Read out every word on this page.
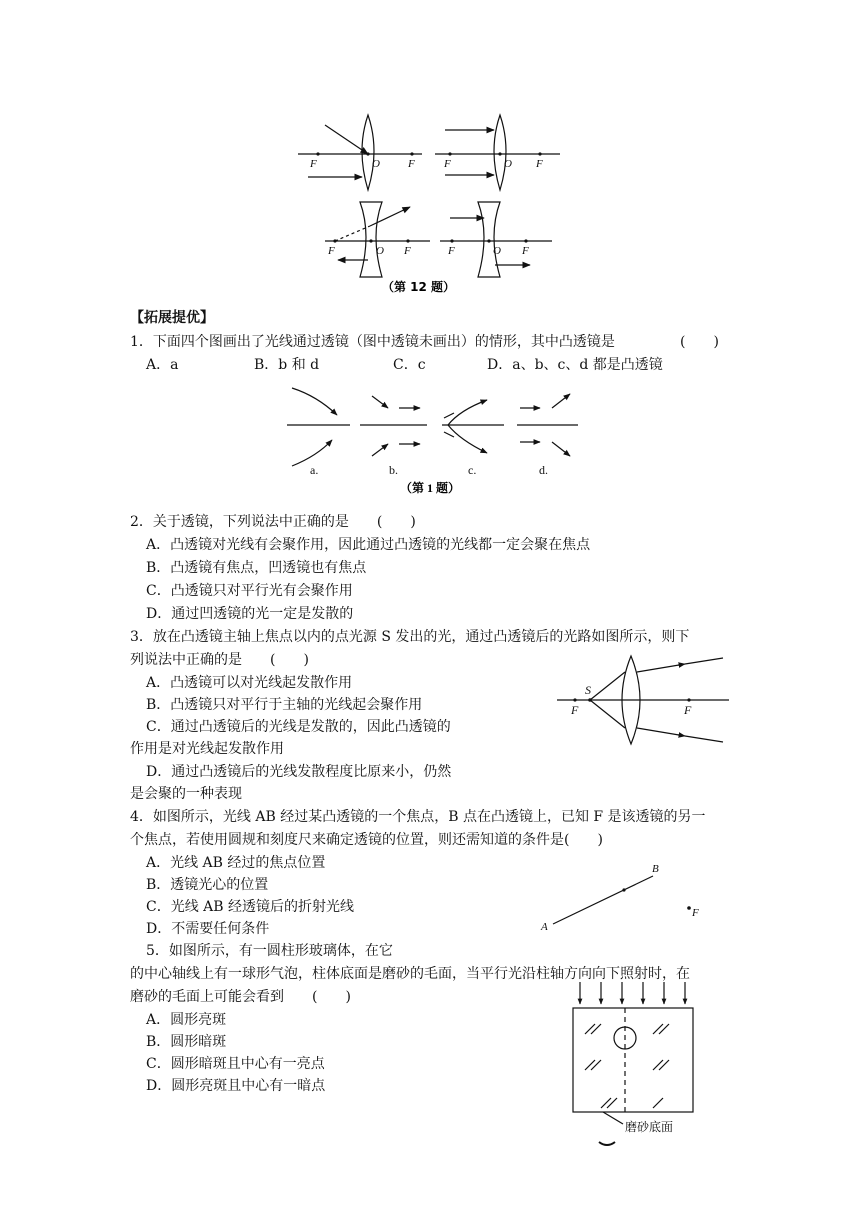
F	O	F	F	O F
F	O F	F	O F
（第 12 题）
【拓展提优】
1．下面四个图画出了光线通过透镜（图中透镜未画出）的情形，其中凸透镜是	(　　)
A．a	B．b 和 d	C．c	D．a、b、c、d 都是凸透镜
a.	b.	c.	d.
（第 1 题）
2．关于透镜，下列说法中正确的是　　(　　)
A．凸透镜对光线有会聚作用，因此通过凸透镜的光线都一定会聚在焦点
B．凸透镜有焦点，凹透镜也有焦点
C．凸透镜只对平行光有会聚作用
D．通过凹透镜的光一定是发散的
3．放在凸透镜主轴上焦点以内的点光源 S 发出的光，通过凸透镜后的光路如图所示，则下
列说法中正确的是　　(　　)
A．凸透镜可以对光线起发散作用
B．凸透镜只对平行于主轴的光线起会聚作用
C．通过凸透镜后的光线是发散的，因此凸透镜的
作用是对光线起发散作用
D．通过凸透镜后的光线发散程度比原来小，仍然
是会聚的一种表现
S
F	F
4．如图所示，光线 AB 经过某凸透镜的一个焦点，B 点在凸透镜上，已知 F 是该透镜的另一
个焦点，若使用圆规和刻度尺来确定透镜的位置，则还需知道的条件是(　　)
A．光线 AB 经过的焦点位置
B．透镜光心的位置
C．光线 AB 经透镜后的折射光线
D．不需要任何条件	A
B
F
5．如图所示，有一圆柱形玻璃体，在它
的中心轴线上有一球形气泡，柱体底面是磨砂的毛面，当平行光沿柱轴方向向下照射时，在
磨砂的毛面上可能会看到　　(　　)
A．圆形亮斑
B．圆形暗斑
C．圆形暗斑且中心有一亮点
D．圆形亮斑且中心有一暗点
磨砂底面
